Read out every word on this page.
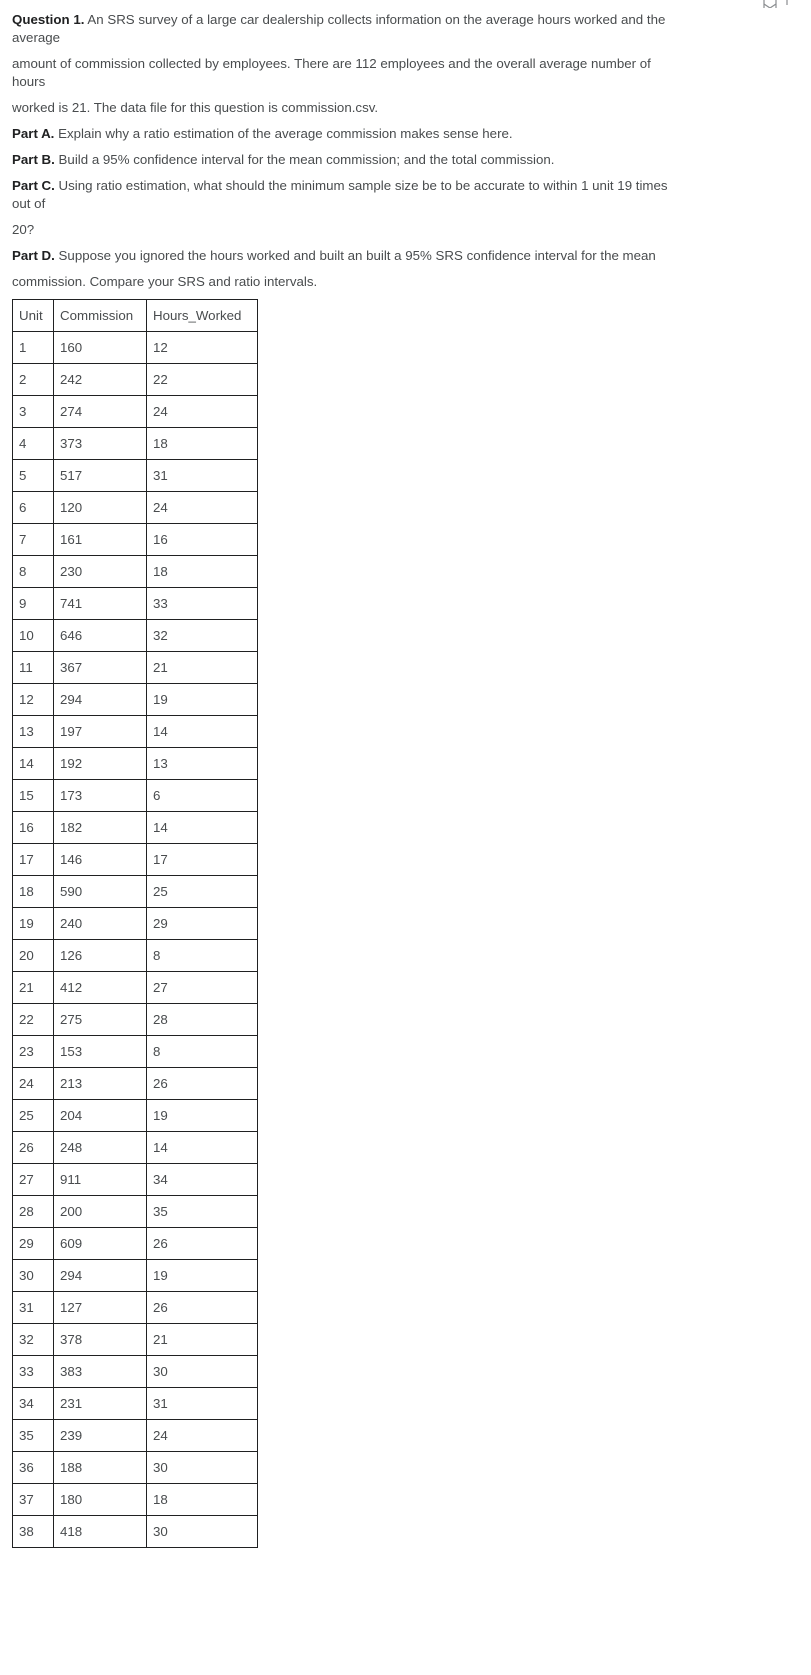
Question 1. An SRS survey of a large car dealership collects information on the average hours worked and the average

amount of commission collected by employees. There are 112 employees and the overall average number of hours

worked is 21. The data file for this question is commission.csv.

Part A. Explain why a ratio estimation of the average commission makes sense here.

Part B. Build a 95% confidence interval for the mean commission; and the total commission.

Part C. Using ratio estimation, what should the minimum sample size be to be accurate to within 1 unit 19 times out of

20?

Part D. Suppose you ignored the hours worked and built an built a 95% SRS confidence interval for the mean

commission. Compare your SRS and ratio intervals.

Unit	Commission	Hours_Worked
1	160	12
2	242	22
3	274	24
4	373	18
5	517	31
6	120	24
7	161	16
8	230	18
9	741	33
10	646	32
11	367	21
12	294	19
13	197	14
14	192	13
15	173	6
16	182	14
17	146	17
18	590	25
19	240	29
20	126	8
21	412	27
22	275	28
23	153	8
24	213	26
25	204	19
26	248	14
27	911	34
28	200	35
29	609	26
30	294	19
31	127	26
32	378	21
33	383	30
34	231	31
35	239	24
36	188	30
37	180	18
38	418	30
